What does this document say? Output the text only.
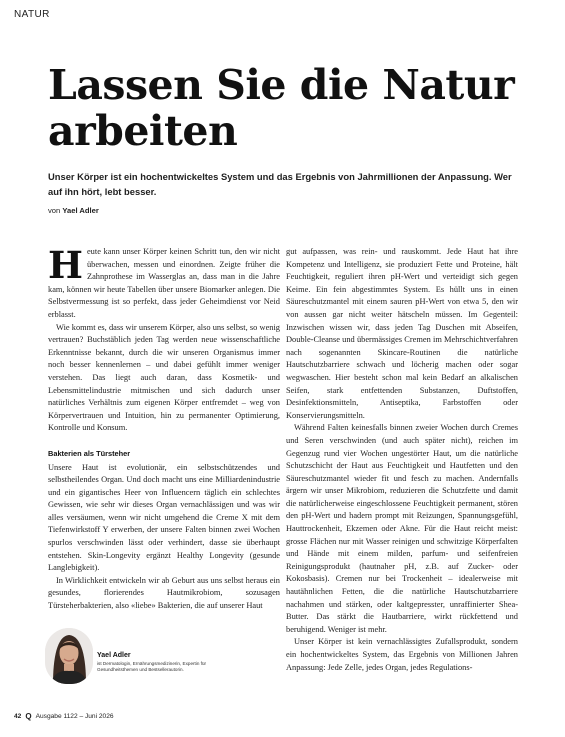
NATUR
Lassen Sie die Natur arbeiten
Unser Körper ist ein hochentwickeltes System und das Ergebnis von Jahrmillionen der Anpassung. Wer auf ihn hört, lebt besser.
von Yael Adler

Heute kann unser Körper keinen Schritt tun, den wir nicht überwachen, messen und einordnen. Zeigte früher die Zahnprothese im Wasserglas an, dass man in die Jahre kam, können wir heute Tabellen über unsere Biomarker anlegen. Die Selbstvermessung ist so perfekt, dass jeder Geheimdienst vor Neid erblasst.

Wie kommt es, dass wir unserem Körper, also uns selbst, so wenig vertrauen? Buchstäblich jeden Tag werden neue wissenschaftliche Erkenntnisse bekannt, durch die wir unseren Organismus immer noch besser kennenlernen – und dabei gefühlt immer weniger verstehen. Das liegt auch daran, dass Kosmetik- und Lebensmittelindustrie mitmischen und sich dadurch unser natürliches Verhältnis zum eigenen Körper entfremdet – weg von Körpervertrauen und Intuition, hin zu permanenter Optimierung, Kontrolle und Konsum.

Bakterien als Türsteher

Unsere Haut ist evolutionär, ein selbstschützendes und selbstheilendes Organ. Und doch macht uns eine Milliardenindustrie und ein gigantisches Heer von Influencern täglich ein schlechtes Gewissen, wie sehr wir dieses Organ vernachlässigen und was wir alles versäumen, wenn wir nicht umgehend die Creme X mit dem Tiefenwirkstoff Y erwerben, der unsere Falten binnen zwei Wochen spurlos verschwinden lässt oder verhindert, dasse sie überhaupt entstehen. Skin-Longevity ergänzt Healthy Longevity (gesunde Langlebigkeit).

In Wirklichkeit entwickeln wir ab Geburt aus uns selbst heraus ein gesundes, florierendes Hautmikrobiom, sozusagen Türsteherbakterien, also «liebe» Bakterien, die auf unserer Haut

gut aufpassen, was rein- und rauskommt. Jede Haut hat ihre Kompetenz und Intelligenz, sie produziert Fette und Proteine, hält Feuchtigkeit, reguliert ihren pH-Wert und verteidigt sich gegen Keime. Ein fein abgestimmtes System. Es hüllt uns in einen Säureschutzmantel mit einem sauren pH-Wert von etwa 5, den wir von aussen gar nicht weiter hätscheln müssen. Im Gegenteil: Inzwischen wissen wir, dass jeden Tag Duschen mit Abseifen, Double-Cleanse und übermässiges Cremen im Mehrschichtverfahren nach sogenannten Skincare-Routinen die natürliche Hautschutzbarriere schwach und löcherig machen oder sogar wegwaschen. Hier besteht schon mal kein Bedarf an alkalischen Seifen, stark entfettenden Substanzen, Duftstoffen, Desinfektionsmitteln, Antiseptika, Farbstoffen oder Konservierungsmitteln.

Während Falten keinesfalls binnen zweier Wochen durch Cremes und Seren verschwinden (und auch später nicht), reichen im Gegenzug rund vier Wochen ungestörter Haut, um die natürliche Schutzschicht der Haut aus Feuchtigkeit und Hautfetten und den Säureschutzmantel wieder fit und fesch zu machen. Andernfalls ärgern wir unser Mikrobiom, reduzieren die Schutzfette und damit die natürlicherweise eingeschlossene Feuchtigkeit permanent, stören den pH-Wert und hadern prompt mit Reizungen, Spannungsgefühl, Hauttrockenheit, Ekzemen oder Akne. Für die Haut reicht meist: grosse Flächen nur mit Wasser reinigen und schwitzige Körperfalten und Hände mit einem milden, parfum- und seifenfreien Reinigungsprodukt (hautnaher pH, z.B. auf Zucker- oder Kokosbasis). Cremen nur bei Trockenheit – idealerweise mit hautähnlichen Fetten, die die natürliche Hautschutzbarriere nachahmen und stärken, oder kaltgepresster, unraffinierter Shea-Butter. Das stärkt die Hautbarriere, wirkt rückfettend und beruhigend. Weniger ist mehr.

Unser Körper ist kein vernachlässigtes Zufallsprodukt, sondern ein hochentwickeltes System, das Ergebnis von Millionen Jahren Anpassung: Jede Zelle, jedes Organ, jedes Regulations-

Yael Adler
ist Dermatologin, Ernährungsmedizinerin, Expertin für Gesundheitsthemen und Bestsellerautorin.
42 Q Ausgabe 1122 – Juni 2026
